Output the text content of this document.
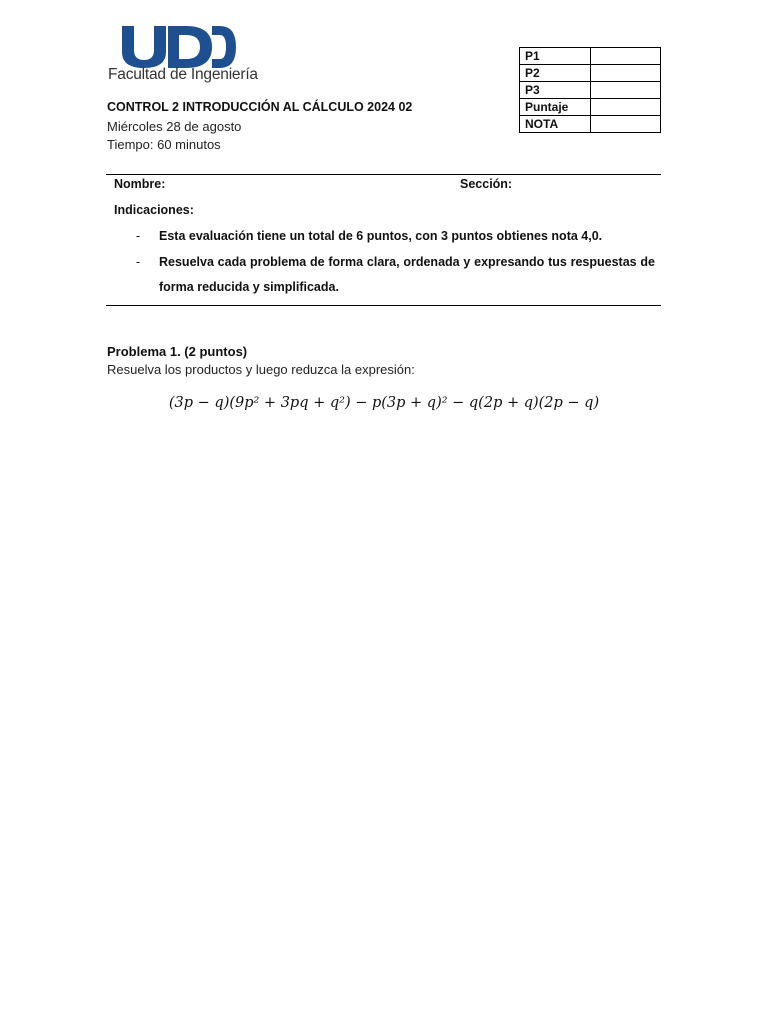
Facultad de Ingeniería
CONTROL 2 INTRODUCCIÓN AL CÁLCULO 2024 02
Miércoles 28 de agosto
Tiempo: 60 minutos
P1	
P2	
P3	
Puntaje	
NOTA	
Nombre:	Sección:
Indicaciones:
- Esta evaluación tiene un total de 6 puntos, con 3 puntos obtienes nota 4,0.
- Resuelva cada problema de forma clara, ordenada y expresando tus respuestas de
forma reducida y simplificada.
Problema 1. (2 puntos)
Resuelva los productos y luego reduzca la expresión:
(3p − q)(9p² + 3pq + q²) − p(3p + q)² − q(2p + q)(2p − q)
